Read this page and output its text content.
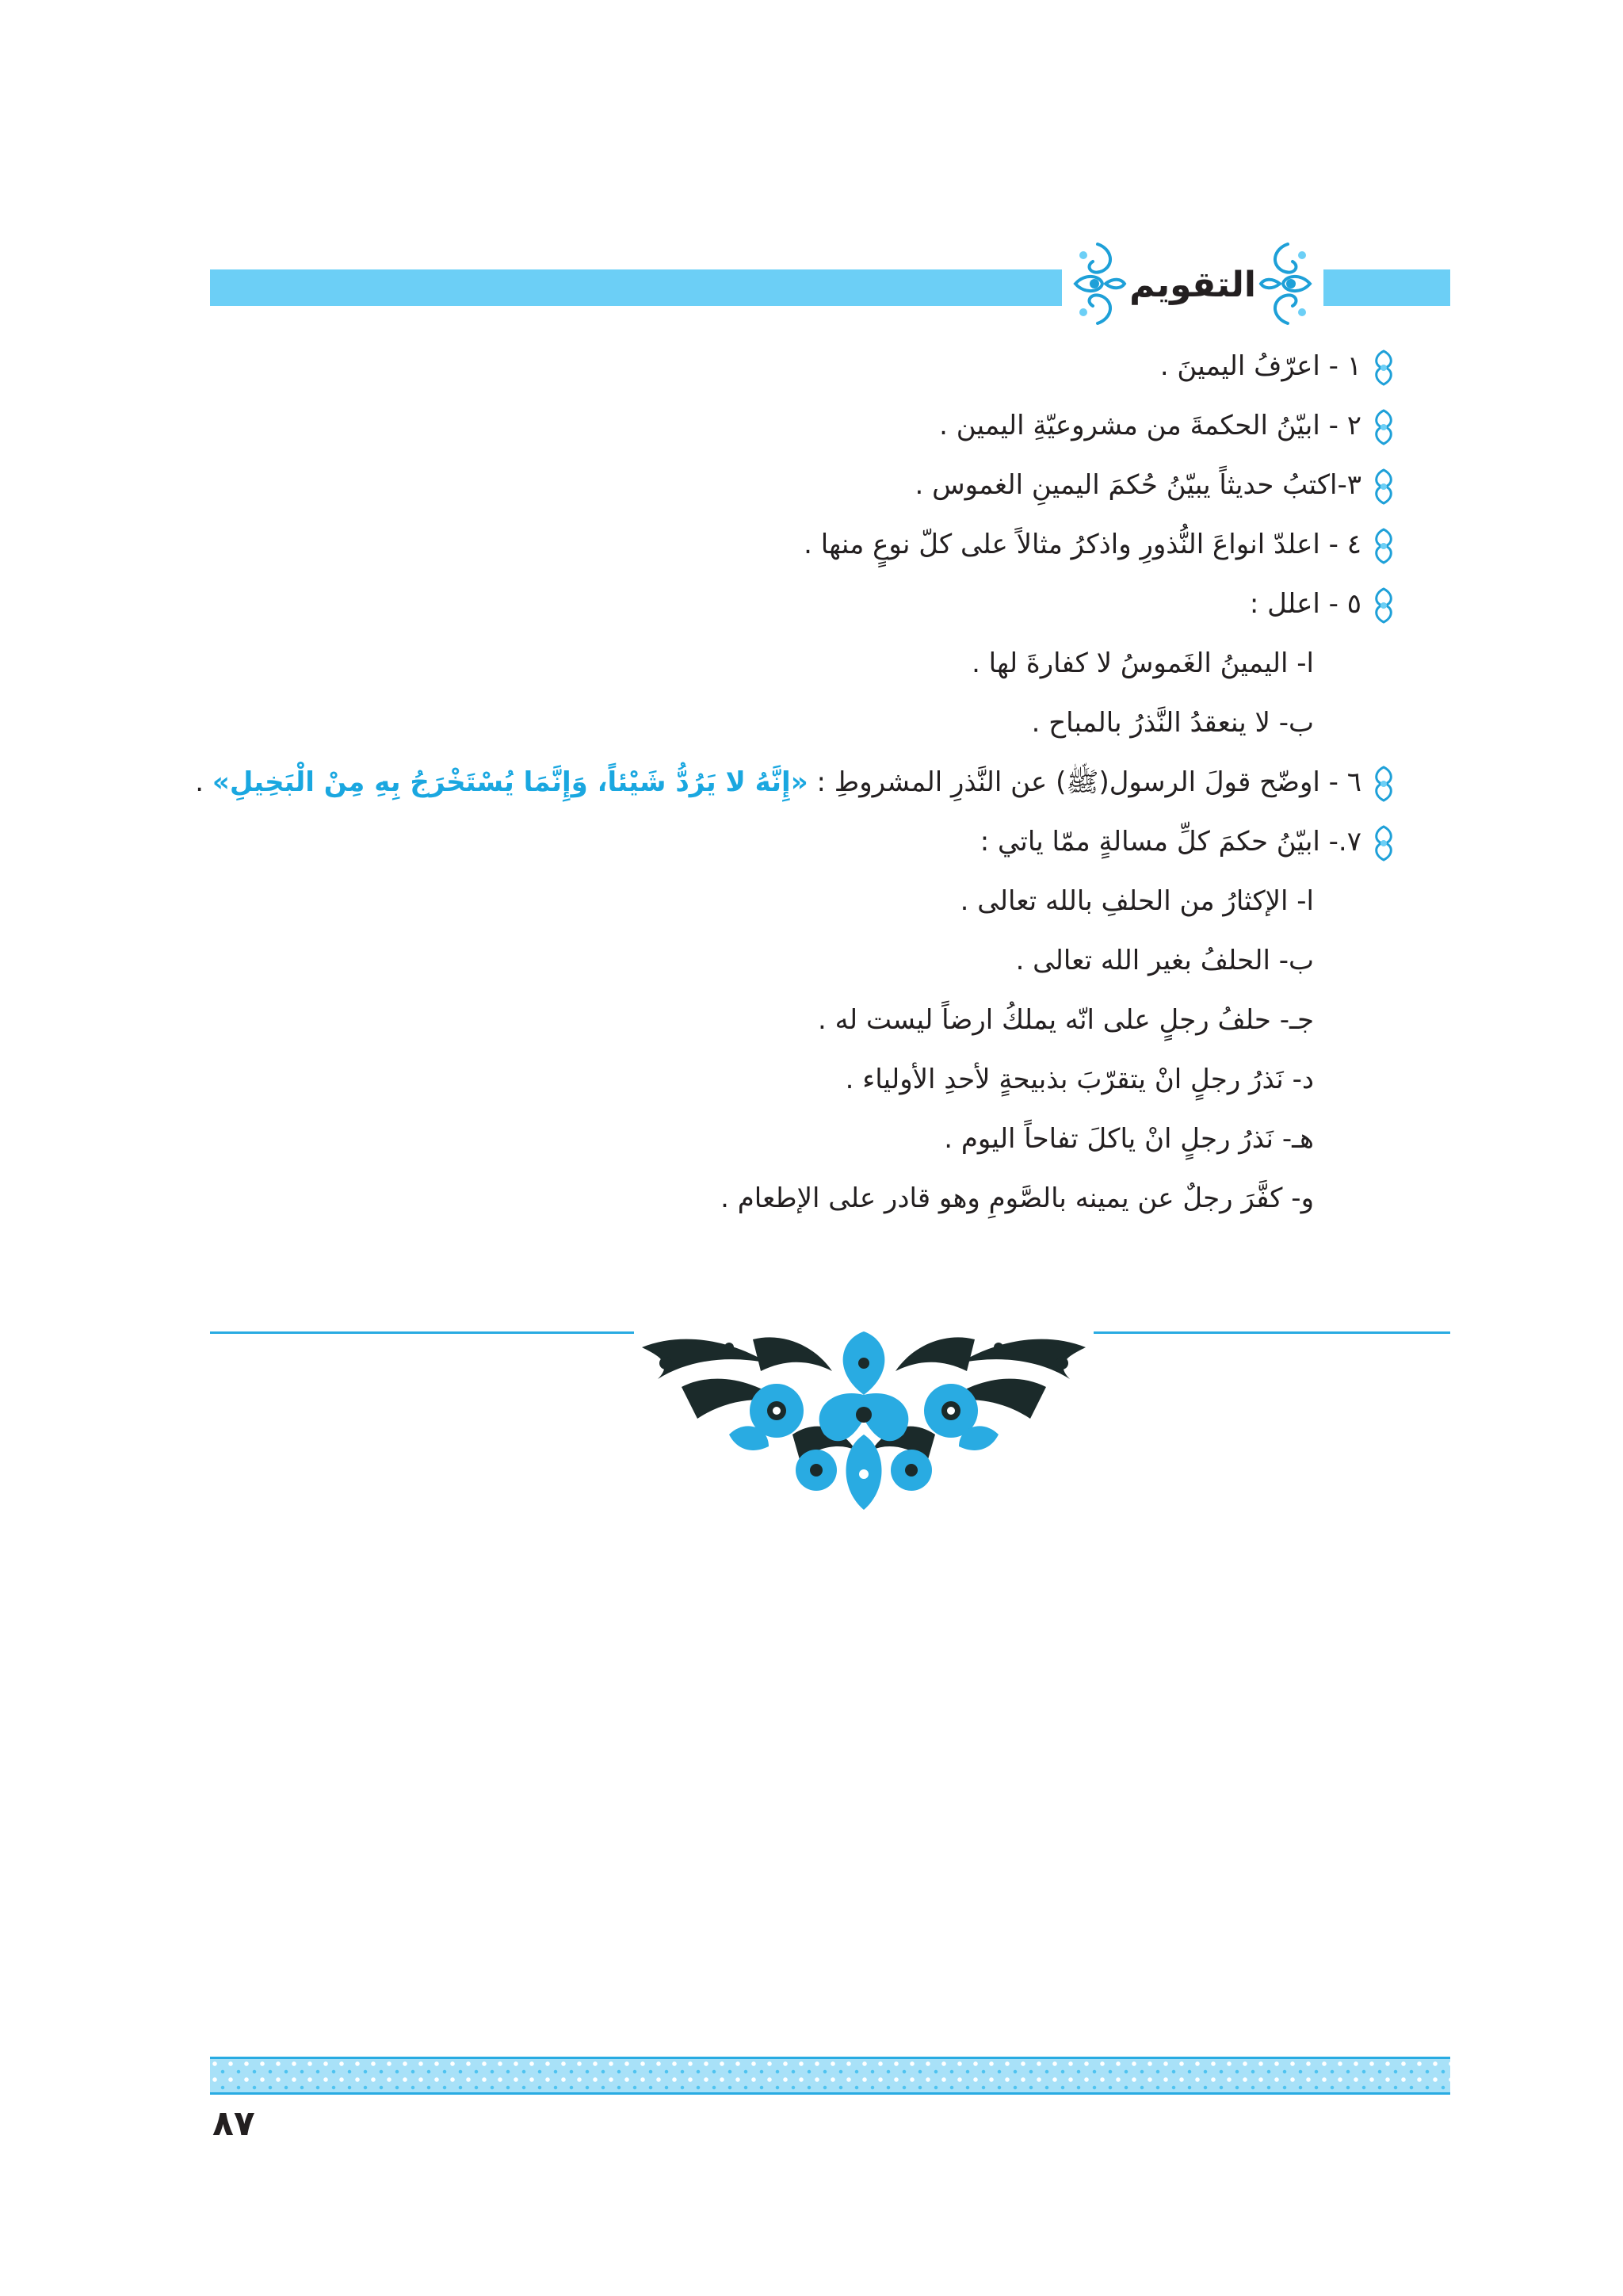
التقويم
١ - اعرّفُ اليمينَ .
٢ - ابيّنُ الحكمةَ من مشروعيّةِ اليمين .
٣-اكتبُ حديثاً يبيّنُ حُكمَ اليمينِ الغموس .
٤ - اعلدّ انواعَ النُّذورِ واذكرُ مثالاً على كلّ نوعٍ منها .
٥ - اعلل :
ا- اليمينُ الغَموسُ لا كفارةَ لها .
ب- لا ينعقدُ النَّذرُ بالمباح .
٦ - اوضّح قولَ الرسول(ﷺ) عن النَّذرِ المشروطِ : «إِنَّهُ لا يَرُدُّ شَيْئاً، وَإِنَّمَا يُسْتَخْرَجُ بِهِ مِنْ الْبَخِيلِ» .
٧.- ابيّنُ حكمَ كلِّ مسالةٍ ممّا ياتي :
ا- الإكثارُ من الحلفِ بالله تعالى .
ب- الحلفُ بغير الله تعالى .
جـ- حلفُ رجلٍ على انّه يملكُ ارضاً ليست له .
د- نَذرُ رجلٍ انْ يتقرّبَ بذبيحةٍ لأحدِ الأولياء .
هـ- نَذرُ رجلٍ انْ ياكلَ تفاحاً اليوم .
و- كفَّرَ رجلٌ عن يمينه بالصَّومِ وهو قادر على الإطعام .
٨٧
